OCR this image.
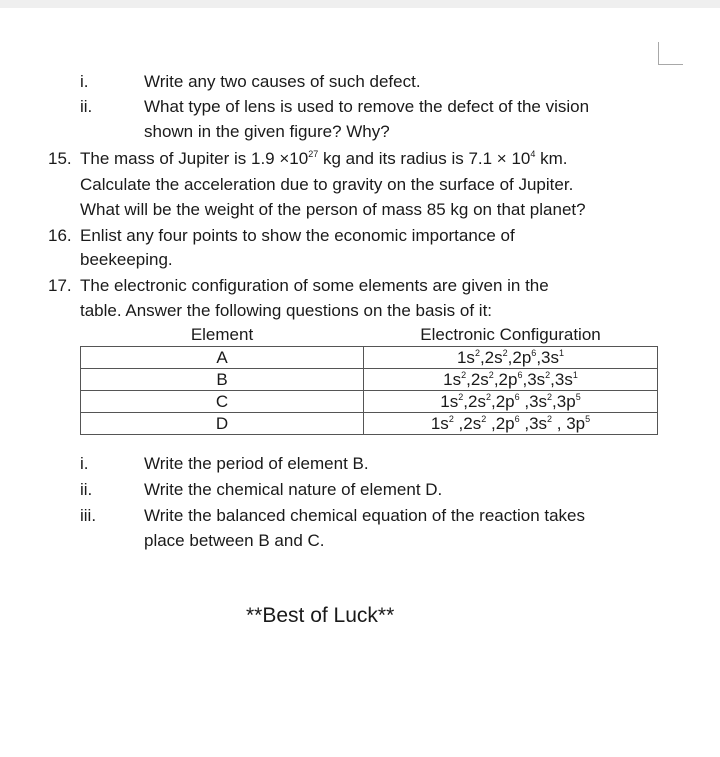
i.	Write any two causes of such defect.
ii.	What type of lens is used to remove the defect of the vision
shown in the given figure? Why?
15. The mass of Jupiter is $1.9 \times 10^{27}$ kg and its radius is $7.1 \times 10^4$ km.
Calculate the acceleration due to gravity on the surface of Jupiter.
What will be the weight of the person of mass 85 kg on that planet?
16. Enlist any four points to show the economic importance of
beekeeping.
17. The electronic configuration of some elements are given in the
table. Answer the following questions on the basis of it:
Element	Electronic Configuration
A	$1s^2,2s^2,2p^6,3s^1$
B	$1s^2,2s^2,2p^6,3s^2,3s^1$
C	$1s^2,2s^2,2p^6$ $,3s^2,3p^5$
D	$1s^2$ $,2s^2$ $,2p^6$ $,3s^2$ , $3p^5$
i.	Write the period of element B.
ii.	Write the chemical nature of element D.
iii.	Write the balanced chemical equation of the reaction takes
place between B and C.
**Best of Luck**
